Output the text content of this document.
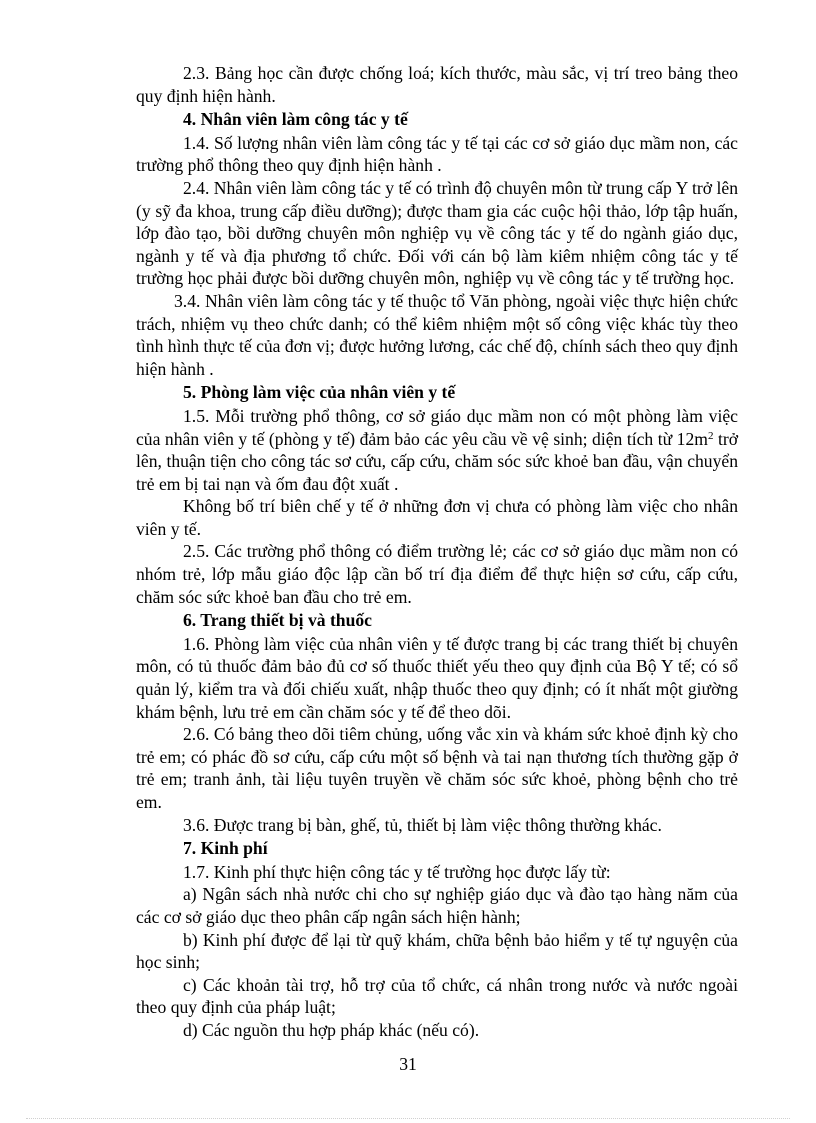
2.3. Bảng học cần được chống loá; kích thước, màu sắc, vị trí treo bảng theo quy định hiện hành.

4. Nhân viên làm công tác y tế

1.4. Số lượng nhân viên làm công tác y tế tại các cơ sở giáo dục mầm non, các trường phổ thông theo quy định hiện hành .

2.4. Nhân viên làm công tác y tế có trình độ chuyên môn từ trung cấp Y trở lên (y sỹ đa khoa, trung cấp điều dưỡng); được tham gia các cuộc hội thảo, lớp tập huấn, lớp đào tạo, bồi dưỡng chuyên môn nghiệp vụ về công tác y tế do ngành giáo dục, ngành y tế và địa phương tổ chức. Đối với cán bộ làm kiêm nhiệm công tác y tế trường học phải được bồi dưỡng chuyên môn, nghiệp vụ về công tác y tế trường học.

3.4. Nhân viên làm công tác y tế thuộc tổ Văn phòng, ngoài việc thực hiện chức trách, nhiệm vụ theo chức danh; có thể kiêm nhiệm một số công việc khác tùy theo tình hình thực tế của đơn vị; được hưởng lương, các chế độ, chính sách theo quy định hiện hành .

5. Phòng làm việc của nhân viên y tế

1.5. Mỗi trường phổ thông, cơ sở giáo dục mầm non có một phòng làm việc của nhân viên y tế (phòng y tế) đảm bảo các yêu cầu về vệ sinh; diện tích từ $12m^2$ trở lên, thuận tiện cho công tác sơ cứu, cấp cứu, chăm sóc sức khoẻ ban đầu, vận chuyển trẻ em bị tai nạn và ốm đau đột xuất .

Không bố trí biên chế y tế ở những đơn vị chưa có phòng làm việc cho nhân viên y tế.

2.5. Các trường phổ thông có điểm trường lẻ; các cơ sở giáo dục mầm non có nhóm trẻ, lớp mẫu giáo độc lập cần bố trí địa điểm để thực hiện sơ cứu, cấp cứu, chăm sóc sức khoẻ ban đầu cho trẻ em.

6. Trang thiết bị và thuốc

1.6. Phòng làm việc của nhân viên y tế được trang bị các trang thiết bị chuyên môn, có tủ thuốc đảm bảo đủ cơ số thuốc thiết yếu theo quy định của Bộ Y tế; có sổ quản lý, kiểm tra và đối chiếu xuất, nhập thuốc theo quy định; có ít nhất một giường khám bệnh, lưu trẻ em cần chăm sóc y tế để theo dõi.

2.6. Có bảng theo dõi tiêm chủng, uống vắc xin và khám sức khoẻ định kỳ cho trẻ em; có phác đồ sơ cứu, cấp cứu một số bệnh và tai nạn thương tích thường gặp ở trẻ em; tranh ảnh, tài liệu tuyên truyền về chăm sóc sức khoẻ, phòng bệnh cho trẻ em.

3.6. Được trang bị bàn, ghế, tủ, thiết bị làm việc thông thường khác.

7. Kinh phí

1.7. Kinh phí thực hiện công tác y tế trường học được lấy từ:

a) Ngân sách nhà nước chi cho sự nghiệp giáo dục và đào tạo hàng năm của các cơ sở giáo dục theo phân cấp ngân sách hiện hành;

b) Kinh phí được để lại từ quỹ khám, chữa bệnh bảo hiểm y tế tự nguyện của học sinh;

c) Các khoản tài trợ, hỗ trợ của tổ chức, cá nhân trong nước và nước ngoài theo quy định của pháp luật;

d) Các nguồn thu hợp pháp khác (nếu có).

31
